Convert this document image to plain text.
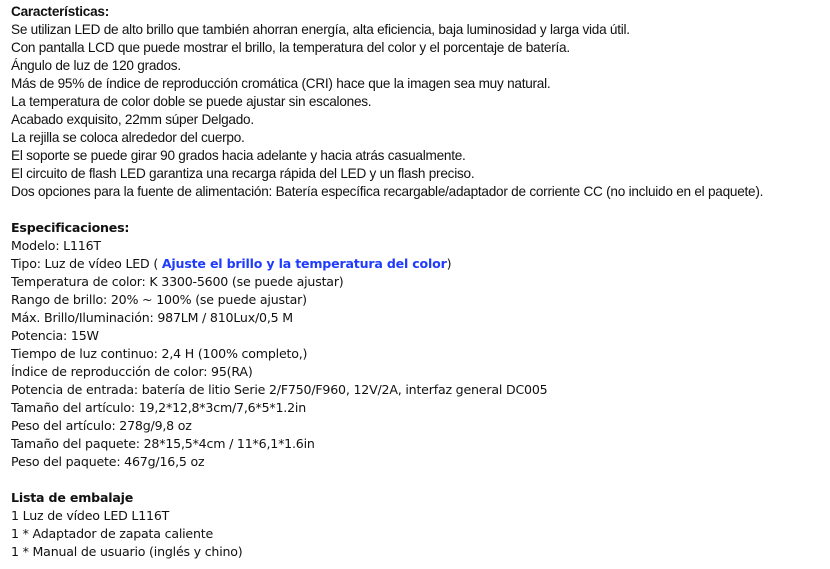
Características:
Se utilizan LED de alto brillo que también ahorran energía, alta eficiencia, baja luminosidad y larga vida útil.
Con pantalla LCD que puede mostrar el brillo, la temperatura del color y el porcentaje de batería.
Ángulo de luz de 120 grados.
Más de 95% de índice de reproducción cromática (CRI) hace que la imagen sea muy natural.
La temperatura de color doble se puede ajustar sin escalones.
Acabado exquisito, 22mm súper Delgado.
La rejilla se coloca alrededor del cuerpo.
El soporte se puede girar 90 grados hacia adelante y hacia atrás casualmente.
El circuito de flash LED garantiza una recarga rápida del LED y un flash preciso.
Dos opciones para la fuente de alimentación: Batería específica recargable/adaptador de corriente CC (no incluido en el paquete).
Especificaciones:
Modelo: L116T
Tipo: Luz de vídeo LED ( Ajuste el brillo y la temperatura del color)
Temperatura de color: K 3300-5600 (se puede ajustar)
Rango de brillo: 20% ~ 100% (se puede ajustar)
Máx. Brillo/Iluminación: 987LM / 810Lux/0,5 M
Potencia: 15W
Tiempo de luz continuo: 2,4 H (100% completo,)
Índice de reproducción de color: 95(RA)
Potencia de entrada: batería de litio Serie 2/F750/F960, 12V/2A, interfaz general DC005
Tamaño del artículo: 19,2*12,8*3cm/7,6*5*1.2in
Peso del artículo: 278g/9,8 oz
Tamaño del paquete: 28*15,5*4cm / 11*6,1*1.6in
Peso del paquete: 467g/16,5 oz
Lista de embalaje
1 Luz de vídeo LED L116T
1 * Adaptador de zapata caliente
1 * Manual de usuario (inglés y chino)
